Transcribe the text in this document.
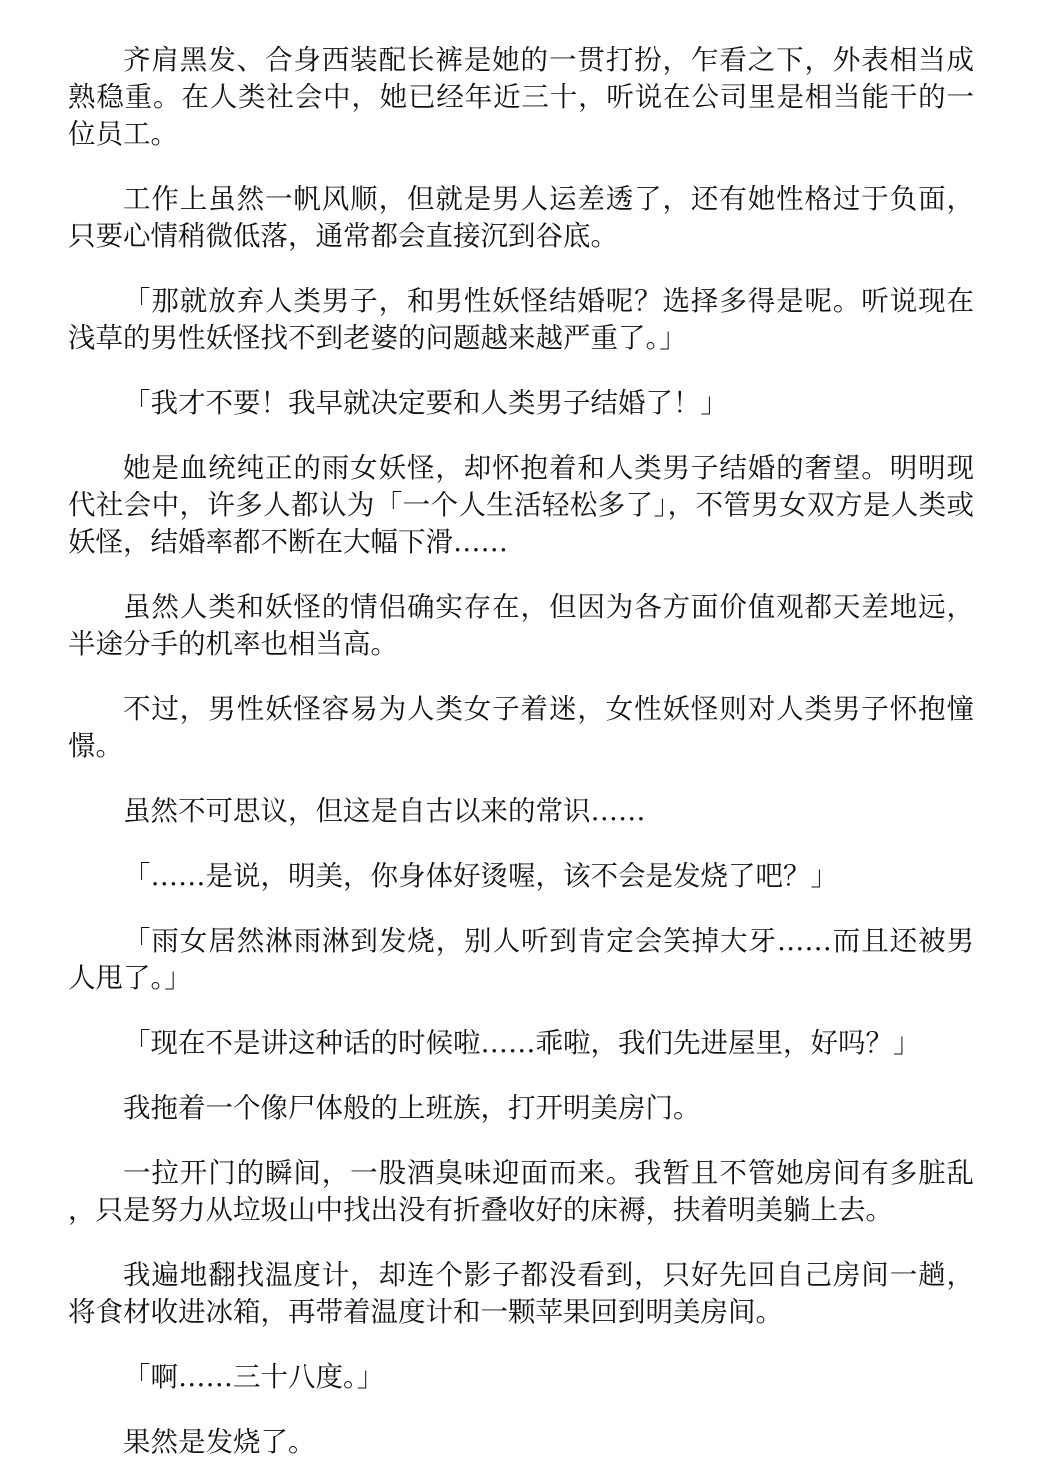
齐肩黑发、合身西装配长裤是她的一贯打扮，乍看之下，外表相当成熟稳重。在人类社会中，她已经年近三十，听说在公司里是相当能干的一位员工。

工作上虽然一帆风顺，但就是男人运差透了，还有她性格过于负面，只要心情稍微低落，通常都会直接沉到谷底。

「那就放弃人类男子，和男性妖怪结婚呢？选择多得是呢。听说现在浅草的男性妖怪找不到老婆的问题越来越严重了。」

「我才不要！我早就决定要和人类男子结婚了！」

她是血统纯正的雨女妖怪，却怀抱着和人类男子结婚的奢望。明明现代社会中，许多人都认为「一个人生活轻松多了」，不管男女双方是人类或妖怪，结婚率都不断在大幅下滑……

虽然人类和妖怪的情侣确实存在，但因为各方面价值观都天差地远，半途分手的机率也相当高。

不过，男性妖怪容易为人类女子着迷，女性妖怪则对人类男子怀抱憧憬。

虽然不可思议，但这是自古以来的常识……

「……是说，明美，你身体好烫喔，该不会是发烧了吧？」

「雨女居然淋雨淋到发烧，别人听到肯定会笑掉大牙……而且还被男人甩了。」

「现在不是讲这种话的时候啦……乖啦，我们先进屋里，好吗？」

我拖着一个像尸体般的上班族，打开明美房门。

一拉开门的瞬间，一股酒臭味迎面而来。我暂且不管她房间有多脏乱，只是努力从垃圾山中找出没有折叠收好的床褥，扶着明美躺上去。

我遍地翻找温度计，却连个影子都没看到，只好先回自己房间一趟，将食材收进冰箱，再带着温度计和一颗苹果回到明美房间。

「啊……三十八度。」

果然是发烧了。
